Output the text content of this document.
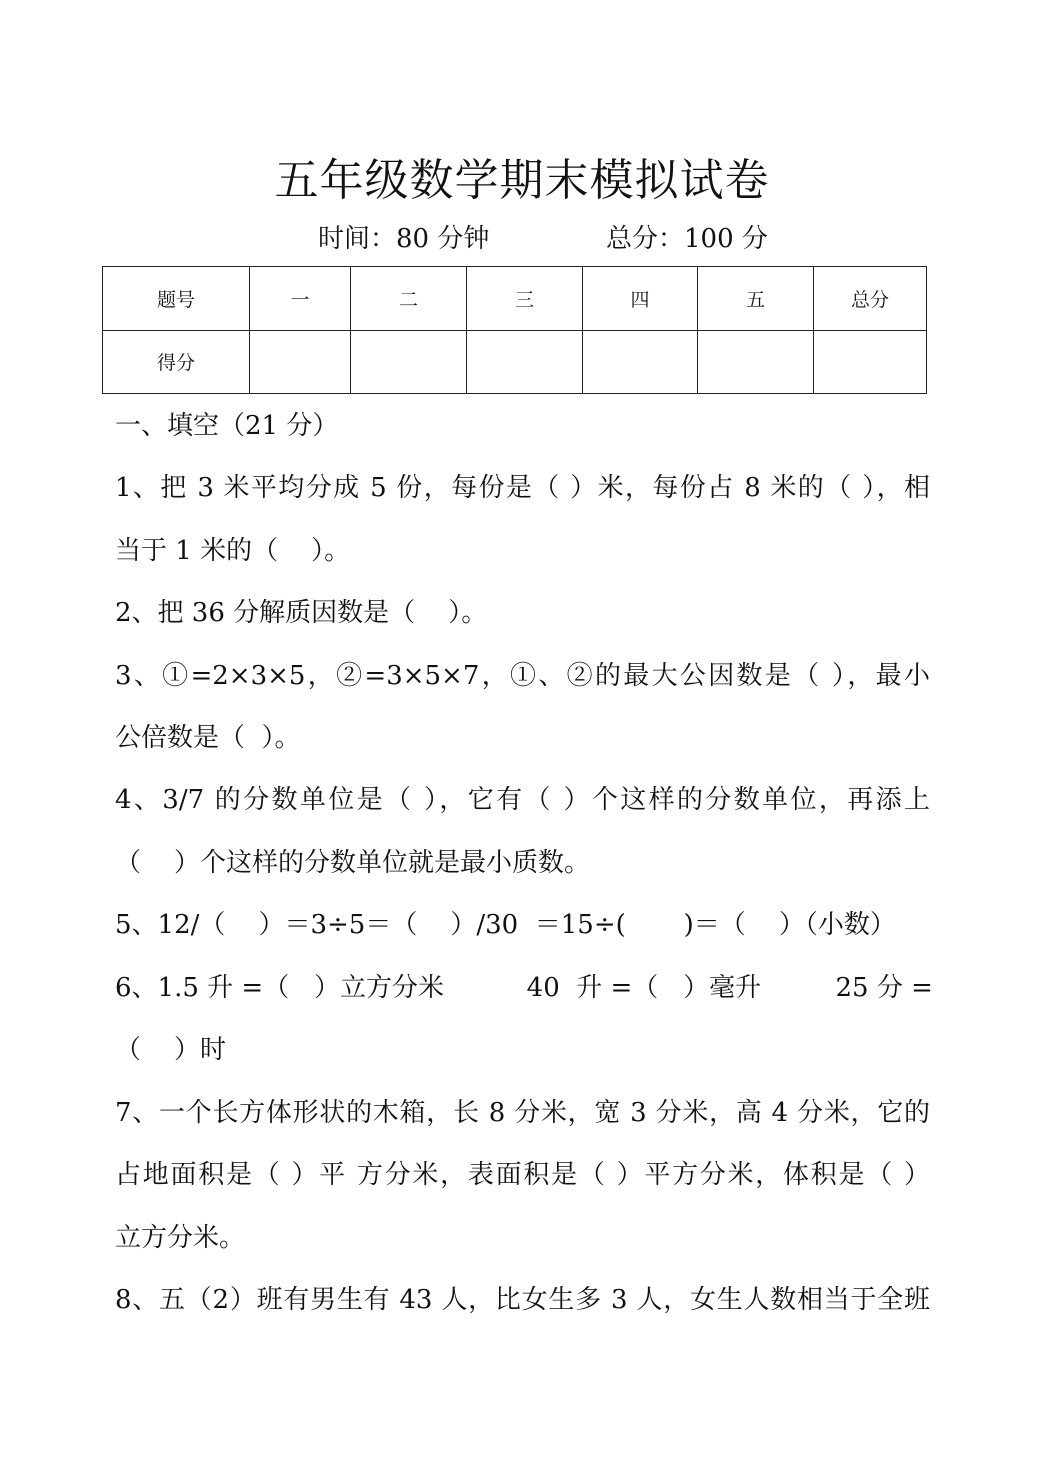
五年级数学期末模拟试卷
时间：80 分钟	总分：100 分
题号	一	二	三	四	五	总分
得分						
一、填空（21 分）
1、把 3 米平均分成 5 份，每份是（ ）米，每份占 8 米的（ ），相
当于 1 米的（    ）。
2、把 36 分解质因数是（    ）。
3、①=2×3×5，②=3×5×7，①、②的最大公因数是（ ），最小
公倍数是（  ）。
4、3/7 的分数单位是（ ），它有（ ）个这样的分数单位，再添上
（    ）个这样的分数单位就是最小质数。
5、12/（    ）＝3÷5＝（    ）/30  ＝15÷(       )＝（    ）（小数）
6、1.5 升 =（   ）立方分米          40  升 =（   ）毫升         25 分 =
（    ）时
7、一个长方体形状的木箱，长 8 分米，宽 3 分米，高 4 分米，它的
占地面积是（ ）平 方分米，表面积是（ ）平方分米，体积是（ ）
立方分米。
8、五（2）班有男生有 43 人，比女生多 3 人，女生人数相当于全班
